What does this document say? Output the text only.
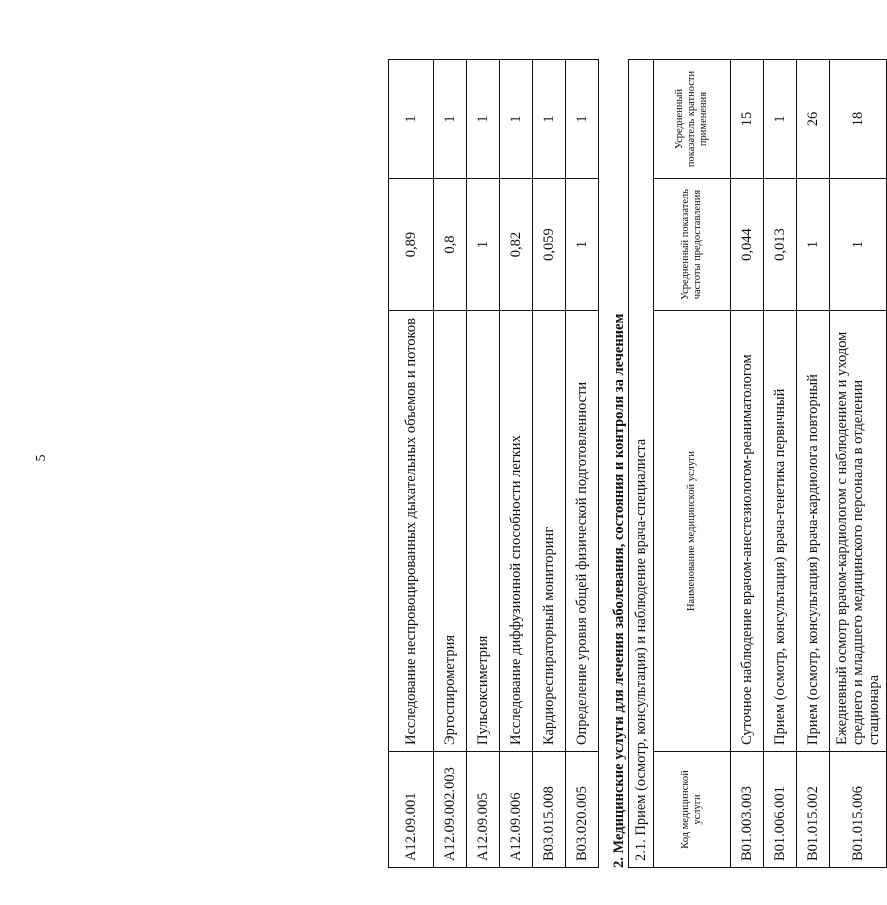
5
A12.09.001	Исследование неспровоцированных дыхательных объемов и потоков	0,89	1
A12.09.002.003	Эргоспирометрия	0,8	1
A12.09.005	Пульсоксиметрия	1	1
A12.09.006	Исследование диффузионной способности легких	0,82	1
B03.015.008	Кардиореспираторный мониторинг	0,059	1
B03.020.005	Определение уровня общей физической подготовленности	1	1
2. Медицинские услуги для лечения заболевания, состояния и контроля за лечением 2.1. Прием (осмотр, консультация) и наблюдение врача-специалиста			
Код медицинской услуги	Наименование медицинской услуги	Усредненный показатель частоты предоставления	Усредненный показатель кратности применения
B01.003.003	Суточное наблюдение врачом-анестезиологом-реаниматологом	0,044	15
B01.006.001	Прием (осмотр, консультация) врача-генетика первичный	0,013	1
B01.015.002	Прием (осмотр, консультация) врача-кардиолога повторный	1	26
B01.015.006	Ежедневный осмотр врачом-кардиологом с наблюдением и уходом среднего и младшего медицинского персонала в отделении стационара	1	18
